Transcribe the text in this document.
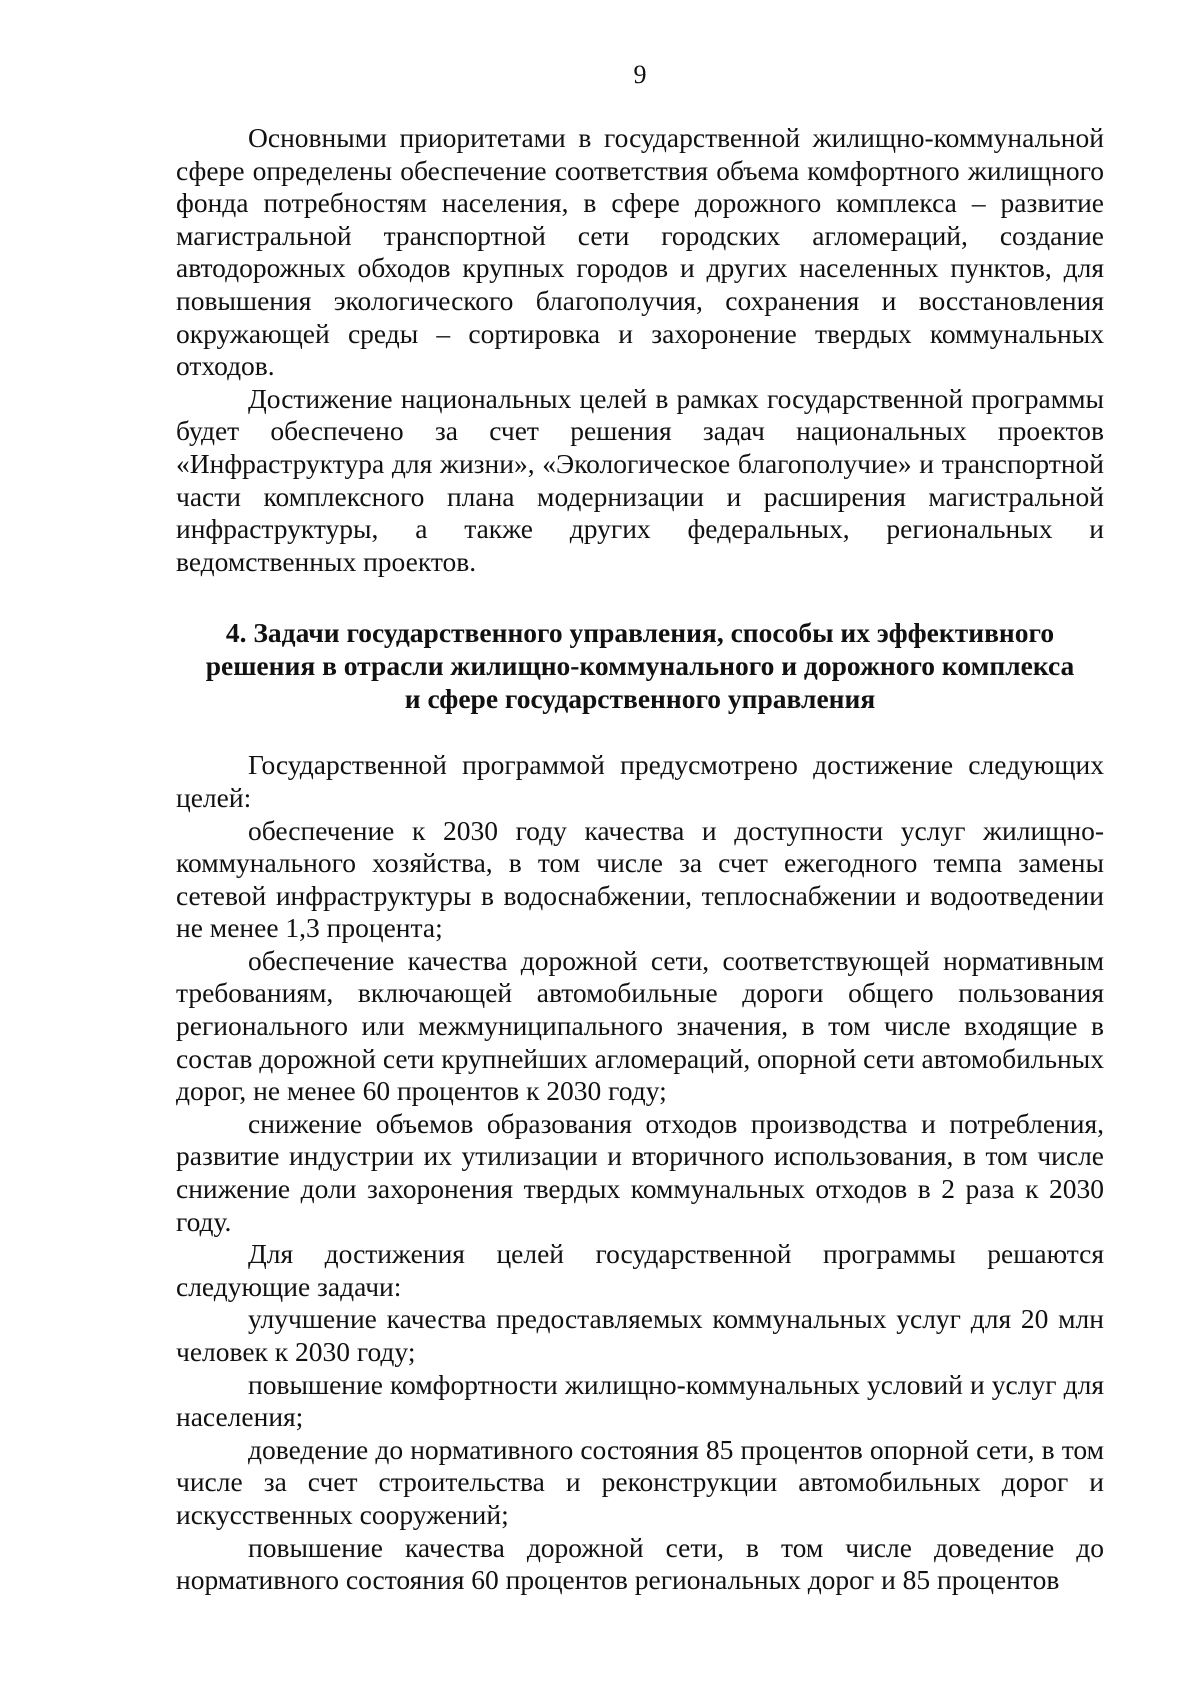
9

Основными приоритетами в государственной жилищно-коммунальной сфере определены обеспечение соответствия объема комфортного жилищного фонда потребностям населения, в сфере дорожного комплекса – развитие магистральной транспортной сети городских агломераций, создание автодорожных обходов крупных городов и других населенных пунктов, для повышения экологического благополучия, сохранения и восстановления окружающей среды – сортировка и захоронение твердых коммунальных отходов.

Достижение национальных целей в рамках государственной программы будет обеспечено за счет решения задач национальных проектов «Инфраструктура для жизни», «Экологическое благополучие» и транспортной части комплексного плана модернизации и расширения магистральной инфраструктуры, а также других федеральных, региональных и ведомственных проектов.

4. Задачи государственного управления, способы их эффективного
решения в отрасли жилищно-коммунального и дорожного комплекса
и сфере государственного управления

Государственной программой предусмотрено достижение следующих целей:

обеспечение к 2030 году качества и доступности услуг жилищно-коммунального хозяйства, в том числе за счет ежегодного темпа замены сетевой инфраструктуры в водоснабжении, теплоснабжении и водоотведении не менее 1,3 процента;

обеспечение качества дорожной сети, соответствующей нормативным требованиям, включающей автомобильные дороги общего пользования регионального или межмуниципального значения, в том числе входящие в состав дорожной сети крупнейших агломераций, опорной сети автомобильных дорог, не менее 60 процентов к 2030 году;

снижение объемов образования отходов производства и потребления, развитие индустрии их утилизации и вторичного использования, в том числе снижение доли захоронения твердых коммунальных отходов в 2 раза к 2030 году.

Для достижения целей государственной программы решаются следующие задачи:

улучшение качества предоставляемых коммунальных услуг для 20 млн человек к 2030 году;

повышение комфортности жилищно-коммунальных условий и услуг для населения;

доведение до нормативного состояния 85 процентов опорной сети, в том числе за счет строительства и реконструкции автомобильных дорог и искусственных сооружений;

повышение качества дорожной сети, в том числе доведение до нормативного состояния 60 процентов региональных дорог и 85 процентов
